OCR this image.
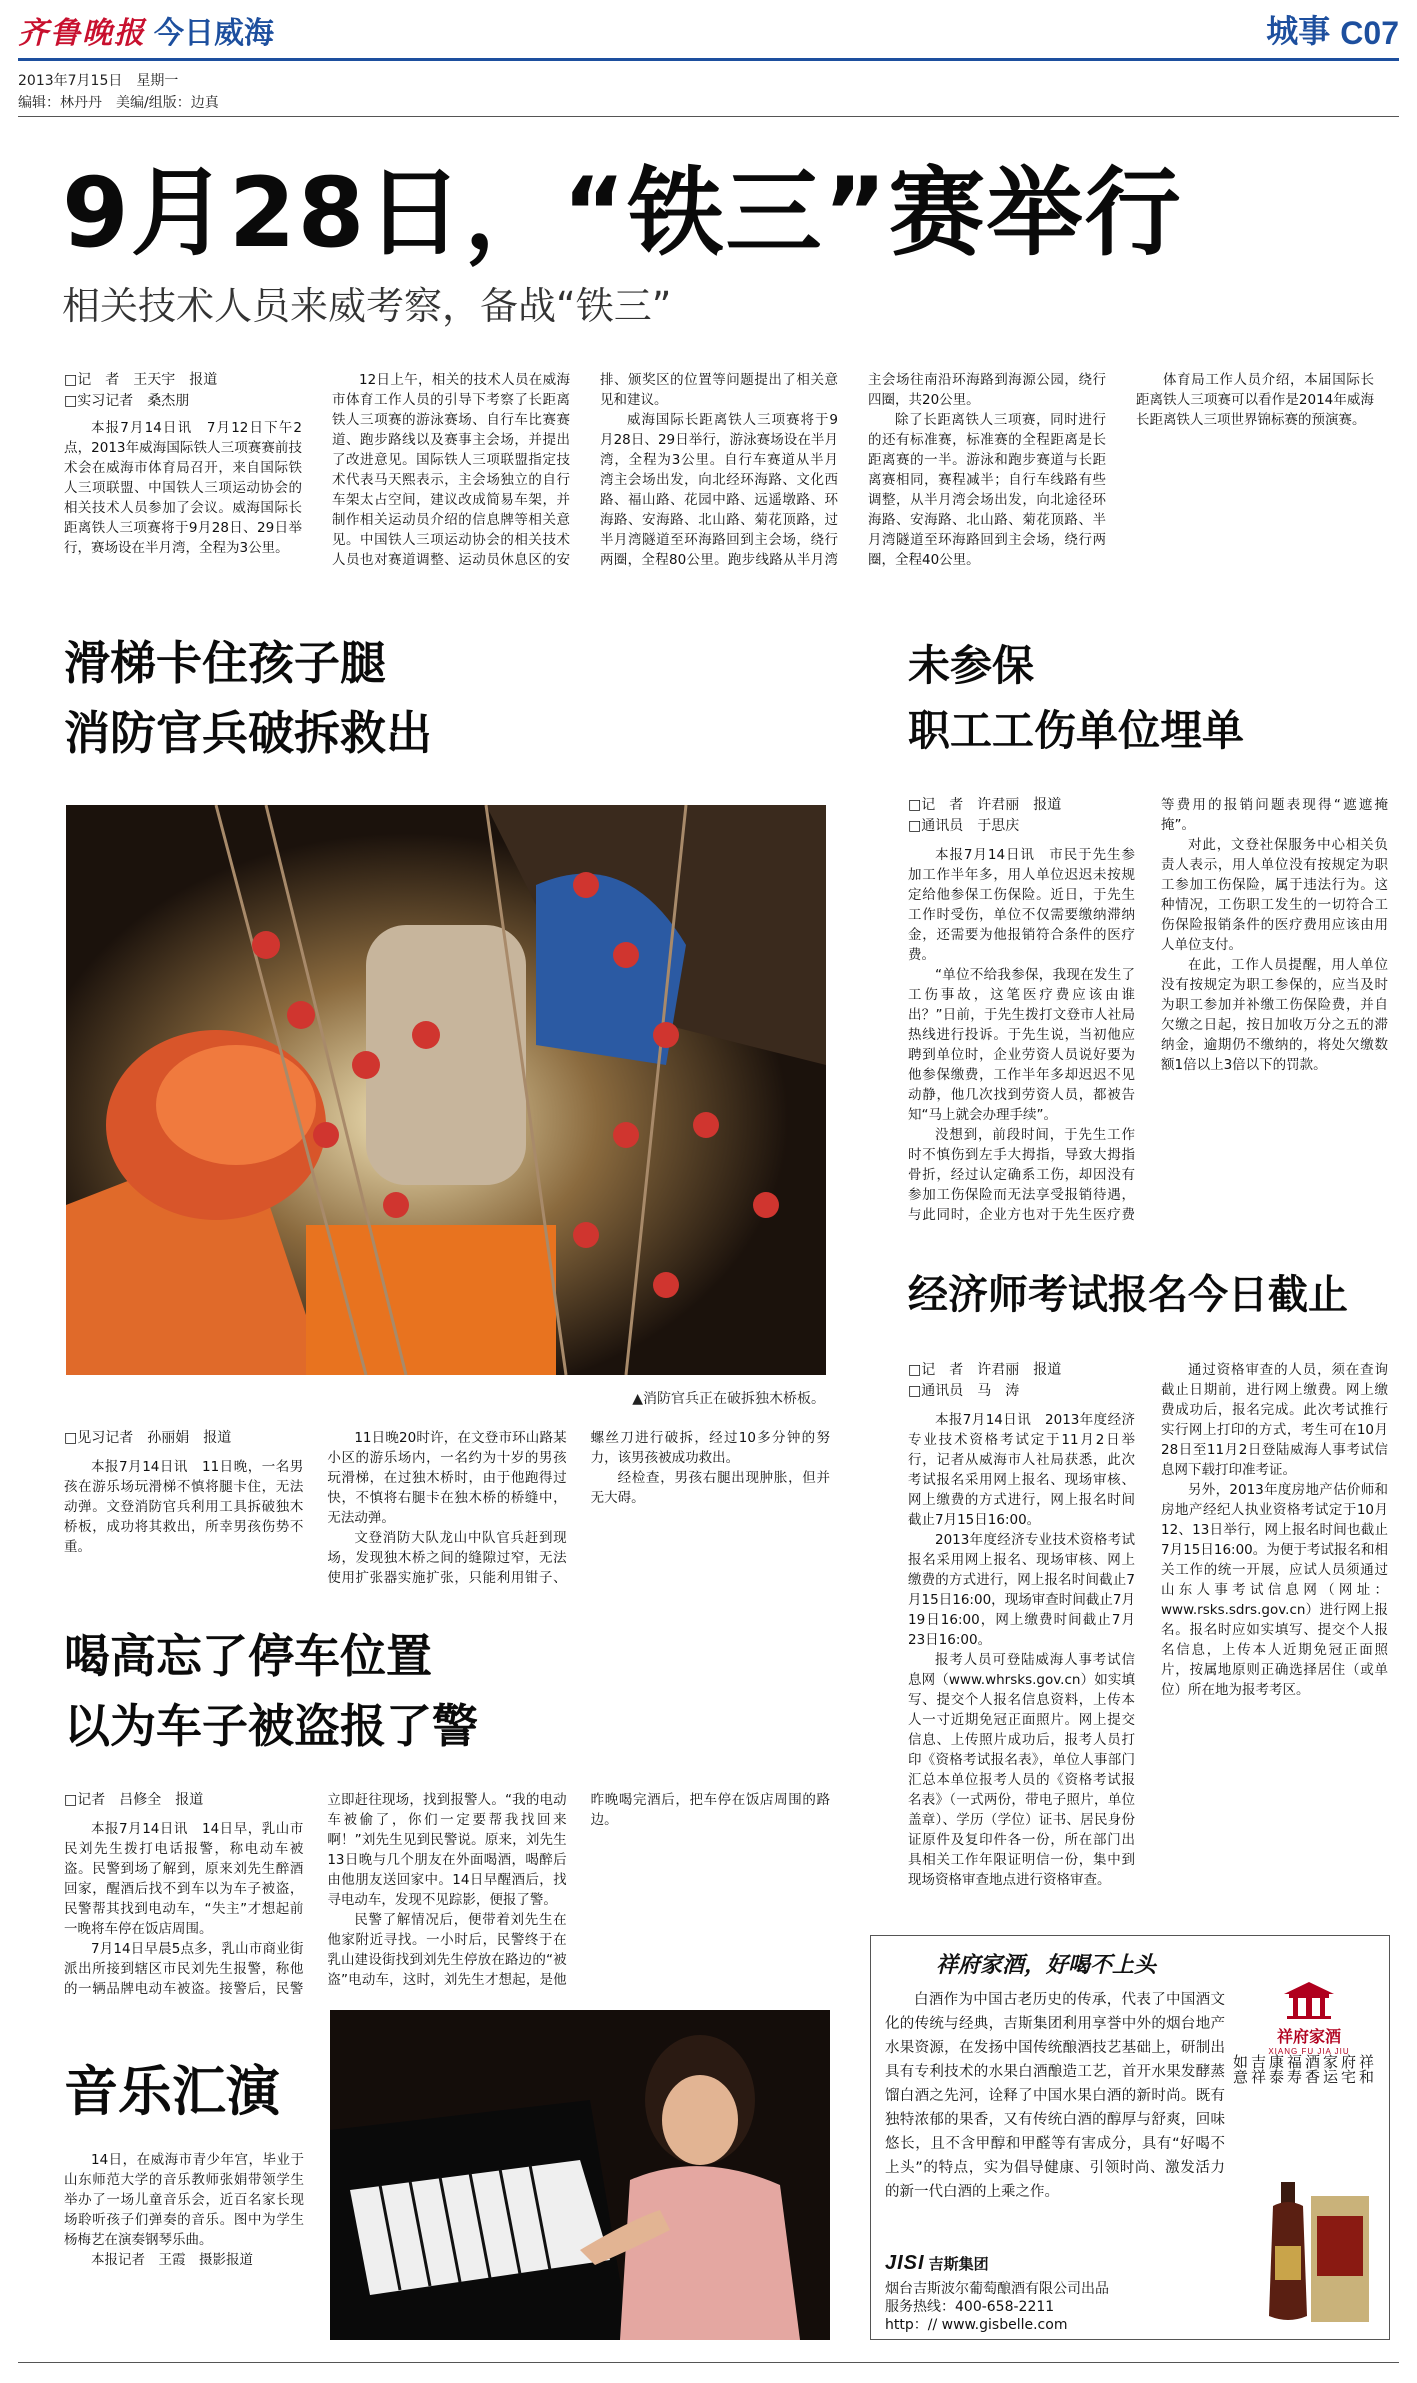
齐鲁晚报 今日威海	城事 C07
2013年7月15日　星期一
编辑：林丹丹　美编/组版：边真
9月28日，“铁三”赛举行
相关技术人员来威考察，备战“铁三”
□记　者　王天宇　报道
□实习记者　桑杰朋

本报7月14日讯　7月12日下午2点，2013年威海国际铁人三项赛赛前技术会在威海市体育局召开，来自国际铁人三项联盟、中国铁人三项运动协会的相关技术人员参加了会议。威海国际长距离铁人三项赛将于9月28日、29日举行，赛场设在半月湾，全程为3公里。

12日上午，相关的技术人员在威海市体育工作人员的引导下考察了长距离铁人三项赛的游泳赛场、自行车比赛赛道、跑步路线以及赛事主会场，并提出了改进意见。国际铁人三项联盟指定技术代表马天熙表示，主会场独立的自行车架太占空间，建议改成简易车架，并制作相关运动员介绍的信息牌等相关意见。中国铁人三项运动协会的相关技术人员也对赛道调整、运动员休息区的安排、颁奖区的位置等问题提出了相关意见和建议。

威海国际长距离铁人三项赛将于9月28日、29日举行，游泳赛场设在半月湾，全程为3公里。自行车赛道从半月湾主会场出发，向北经环海路、文化西路、福山路、花园中路、远遥墩路、环海路、安海路、北山路、菊花顶路，过半月湾隧道至环海路回到主会场，绕行两圈，全程80公里。跑步线路从半月湾主会场往南沿环海路到海源公园，绕行四圈，共20公里。

除了长距离铁人三项赛，同时进行的还有标准赛，标准赛的全程距离是长距离赛的一半。游泳和跑步赛道与长距离赛相同，赛程减半；自行车线路有些调整，从半月湾会场出发，向北途径环海路、安海路、北山路、菊花顶路、半月湾隧道至环海路回到主会场，绕行两圈，全程40公里。

体育局工作人员介绍，本届国际长距离铁人三项赛可以看作是2014年威海长距离铁人三项世界锦标赛的预演赛。

滑梯卡住孩子腿
消防官兵破拆救出
▲消防官兵正在破拆独木桥板。
□见习记者　孙丽娟　报道

本报7月14日讯　11日晚，一名男孩在游乐场玩滑梯不慎将腿卡住，无法动弹。文登消防官兵利用工具拆破独木桥板，成功将其救出，所幸男孩伤势不重。

11日晚20时许，在文登市环山路某小区的游乐场内，一名约为十岁的男孩玩滑梯，在过独木桥时，由于他跑得过快，不慎将右腿卡在独木桥的桥缝中，无法动弹。

文登消防大队龙山中队官兵赶到现场，发现独木桥之间的缝隙过窄，无法使用扩张器实施扩张，只能利用钳子、螺丝刀进行破拆，经过10多分钟的努力，该男孩被成功救出。

经检查，男孩右腿出现肿胀，但并无大碍。

喝高忘了停车位置
以为车子被盗报了警
□记者　吕修全　报道

本报7月14日讯　14日早，乳山市民刘先生拨打电话报警，称电动车被盗。民警到场了解到，原来刘先生醉酒回家，醒酒后找不到车以为车子被盗，民警帮其找到电动车，“失主”才想起前一晚将车停在饭店周围。

7月14日早晨5点多，乳山市商业街派出所接到辖区市民刘先生报警，称他的一辆品牌电动车被盗。接警后，民警立即赶往现场，找到报警人。“我的电动车被偷了，你们一定要帮我找回来啊！”刘先生见到民警说。原来，刘先生13日晚与几个朋友在外面喝酒，喝醉后由他朋友送回家中。14日早醒酒后，找寻电动车，发现不见踪影，便报了警。

民警了解情况后，便带着刘先生在他家附近寻找。一小时后，民警终于在乳山建设街找到刘先生停放在路边的“被盗”电动车，这时，刘先生才想起，是他昨晚喝完酒后，把车停在饭店周围的路边。

音乐汇演

14日，在威海市青少年宫，毕业于山东师范大学的音乐教师张娟带领学生举办了一场儿童音乐会，近百名家长现场聆听孩子们弹奏的音乐。图中为学生杨梅艺在演奏钢琴乐曲。

本报记者　王霞　摄影报道

未参保
职工工伤单位埋单
□记　者　许君丽　报道
□通讯员　于思庆

本报7月14日讯　市民于先生参加工作半年多，用人单位迟迟未按规定给他参保工伤保险。近日，于先生工作时受伤，单位不仅需要缴纳滞纳金，还需要为他报销符合条件的医疗费。

“单位不给我参保，我现在发生了工伤事故，这笔医疗费应该由谁出？”日前，于先生拨打文登市人社局热线进行投诉。于先生说，当初他应聘到单位时，企业劳资人员说好要为他参保缴费，工作半年多却迟迟不见动静，他几次找到劳资人员，都被告知“马上就会办理手续”。

没想到，前段时间，于先生工作时不慎伤到左手大拇指，导致大拇指骨折，经过认定确系工伤，却因没有参加工伤保险而无法享受报销待遇，与此同时，企业方也对于先生医疗费等费用的报销问题表现得“遮遮掩掩”。

对此，文登社保服务中心相关负责人表示，用人单位没有按规定为职工参加工伤保险，属于违法行为。这种情况，工伤职工发生的一切符合工伤保险报销条件的医疗费用应该由用人单位支付。

在此，工作人员提醒，用人单位没有按规定为职工参保的，应当及时为职工参加并补缴工伤保险费，并自欠缴之日起，按日加收万分之五的滞纳金，逾期仍不缴纳的，将处欠缴数额1倍以上3倍以下的罚款。

经济师考试报名今日截止
□记　者　许君丽　报道
□通讯员　马　涛

本报7月14日讯　2013年度经济专业技术资格考试定于11月2日举行，记者从威海市人社局获悉，此次考试报名采用网上报名、现场审核、网上缴费的方式进行，网上报名时间截止7月15日16:00。

2013年度经济专业技术资格考试报名采用网上报名、现场审核、网上缴费的方式进行，网上报名时间截止7月15日16:00，现场审查时间截止7月19日16:00，网上缴费时间截止7月23日16:00。

报考人员可登陆威海人事考试信息网（www.whrsks.gov.cn）如实填写、提交个人报名信息资料，上传本人一寸近期免冠正面照片。网上提交信息、上传照片成功后，报考人员打印《资格考试报名表》，单位人事部门汇总本单位报考人员的《资格考试报名表》（一式两份，带电子照片，单位盖章）、学历（学位）证书、居民身份证原件及复印件各一份，所在部门出具相关工作年限证明信一份，集中到现场资格审查地点进行资格审查。

通过资格审查的人员，须在查询截止日期前，进行网上缴费。网上缴费成功后，报名完成。此次考试推行实行网上打印的方式，考生可在10月28日至11月2日登陆威海人事考试信息网下载打印准考证。

另外，2013年度房地产估价师和房地产经纪人执业资格考试定于10月12、13日举行，网上报名时间也截止7月15日16:00。为便于考试报名和相关工作的统一开展，应试人员须通过山东人事考试信息网（网址：www.rsks.sdrs.gov.cn）进行网上报名。报名时应如实填写、提交个人报名信息，上传本人近期免冠正面照片，按属地原则正确选择居住（或单位）所在地为报考考区。

祥府家酒，好喝不上头
白酒作为中国古老历史的传承，代表了中国酒文化的传统与经典，吉斯集团利用享誉中外的烟台地产水果资源，在发扬中国传统酿酒技艺基础上，研制出具有专利技术的水果白酒酿造工艺，首开水果发酵蒸馏白酒之先河，诠释了中国水果白酒的新时尚。既有独特浓郁的果香，又有传统白酒的醇厚与舒爽，回味悠长，且不含甲醇和甲醛等有害成分，具有“好喝不上头”的特点，实为倡导健康、引领时尚、激发活力的新一代白酒的上乘之作。
JISI 吉斯集团
烟台吉斯波尔葡萄酿酒有限公司出品
服务热线：400-658-2211
http：// www.gisbelle.com
祥府家酒
XIANG FU JIA JIU
祥和
府宅
家运
酒香
福寿
康泰
吉祥
如意
